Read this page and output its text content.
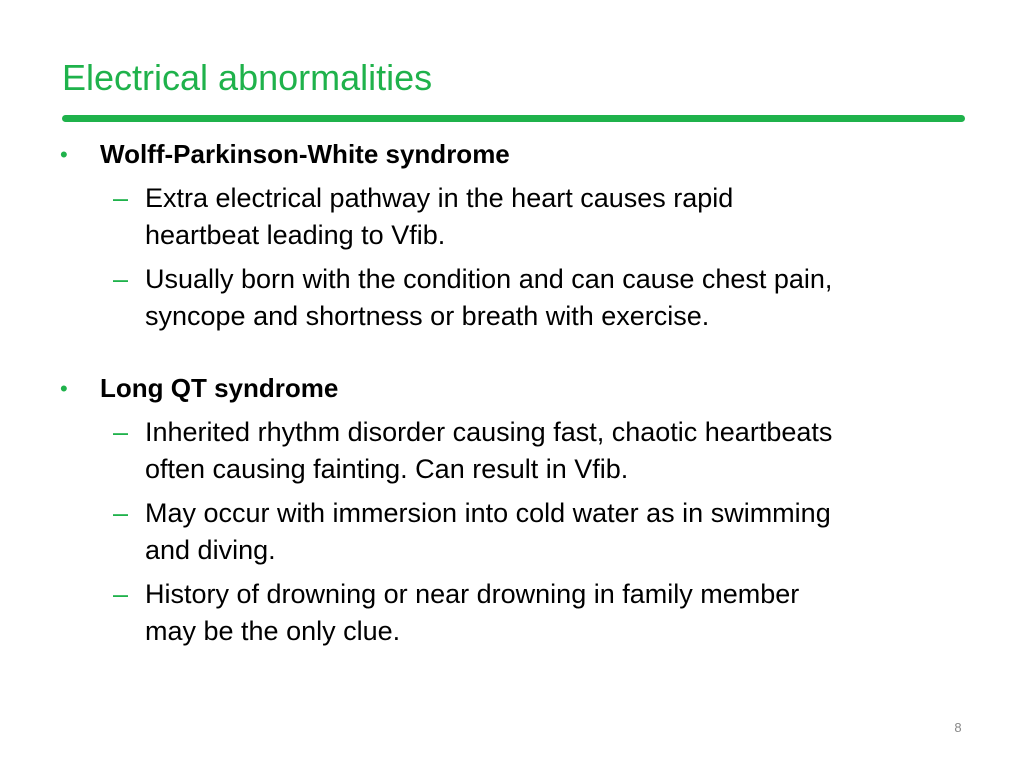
Electrical abnormalities
• Wolff-Parkinson-White syndrome
– Extra electrical pathway in the heart causes rapid
heartbeat leading to Vfib.
– Usually born with the condition and can cause chest pain,
syncope and shortness or breath with exercise.
• Long QT syndrome
– Inherited rhythm disorder causing fast, chaotic heartbeats
often causing fainting. Can result in Vfib.
– May occur with immersion into cold water as in swimming
and diving.
– History of drowning or near drowning in family member
may be the only clue.
8
